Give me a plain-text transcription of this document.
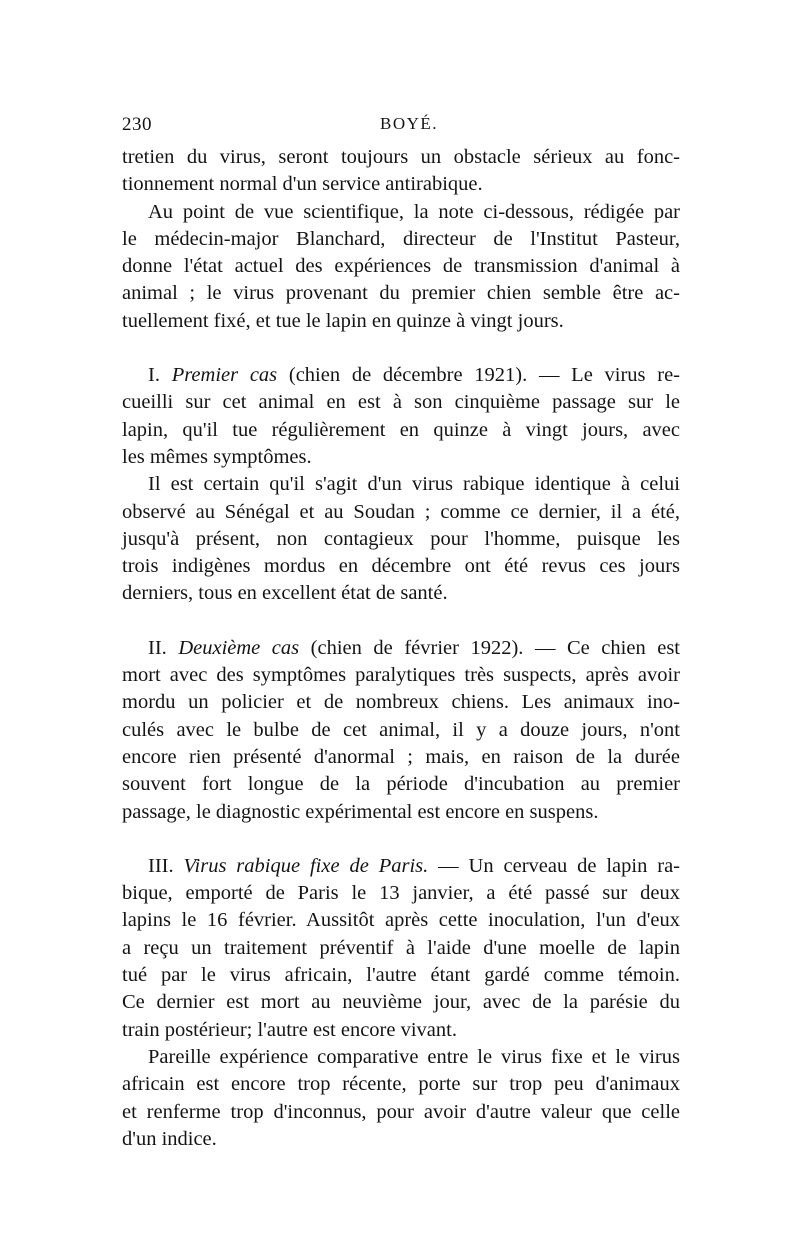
230	BOYÉ.
tretien du virus, seront toujours un obstacle sérieux au fonc-
tionnement normal d'un service antirabique.
Au point de vue scientifique, la note ci-dessous, rédigée par
le médecin-major Blanchard, directeur de l'Institut Pasteur,
donne l'état actuel des expériences de transmission d'animal à
animal ; le virus provenant du premier chien semble être ac-
tuellement fixé, et tue le lapin en quinze à vingt jours.
I. Premier cas (chien de décembre 1921). — Le virus re-
cueilli sur cet animal en est à son cinquième passage sur le
lapin, qu'il tue régulièrement en quinze à vingt jours, avec
les mêmes symptômes.
Il est certain qu'il s'agit d'un virus rabique identique à celui
observé au Sénégal et au Soudan ; comme ce dernier, il a été,
jusqu'à présent, non contagieux pour l'homme, puisque les
trois indigènes mordus en décembre ont été revus ces jours
derniers, tous en excellent état de santé.
II. Deuxième cas (chien de février 1922). — Ce chien est
mort avec des symptômes paralytiques très suspects, après avoir
mordu un policier et de nombreux chiens. Les animaux ino-
culés avec le bulbe de cet animal, il y a douze jours, n'ont
encore rien présenté d'anormal ; mais, en raison de la durée
souvent fort longue de la période d'incubation au premier
passage, le diagnostic expérimental est encore en suspens.
III. Virus rabique fixe de Paris. — Un cerveau de lapin ra-
bique, emporté de Paris le 13 janvier, a été passé sur deux
lapins le 16 février. Aussitôt après cette inoculation, l'un d'eux
a reçu un traitement préventif à l'aide d'une moelle de lapin
tué par le virus africain, l'autre étant gardé comme témoin.
Ce dernier est mort au neuvième jour, avec de la parésie du
train postérieur; l'autre est encore vivant.
Pareille expérience comparative entre le virus fixe et le virus
africain est encore trop récente, porte sur trop peu d'animaux
et renferme trop d'inconnus, pour avoir d'autre valeur que celle
d'un indice.
